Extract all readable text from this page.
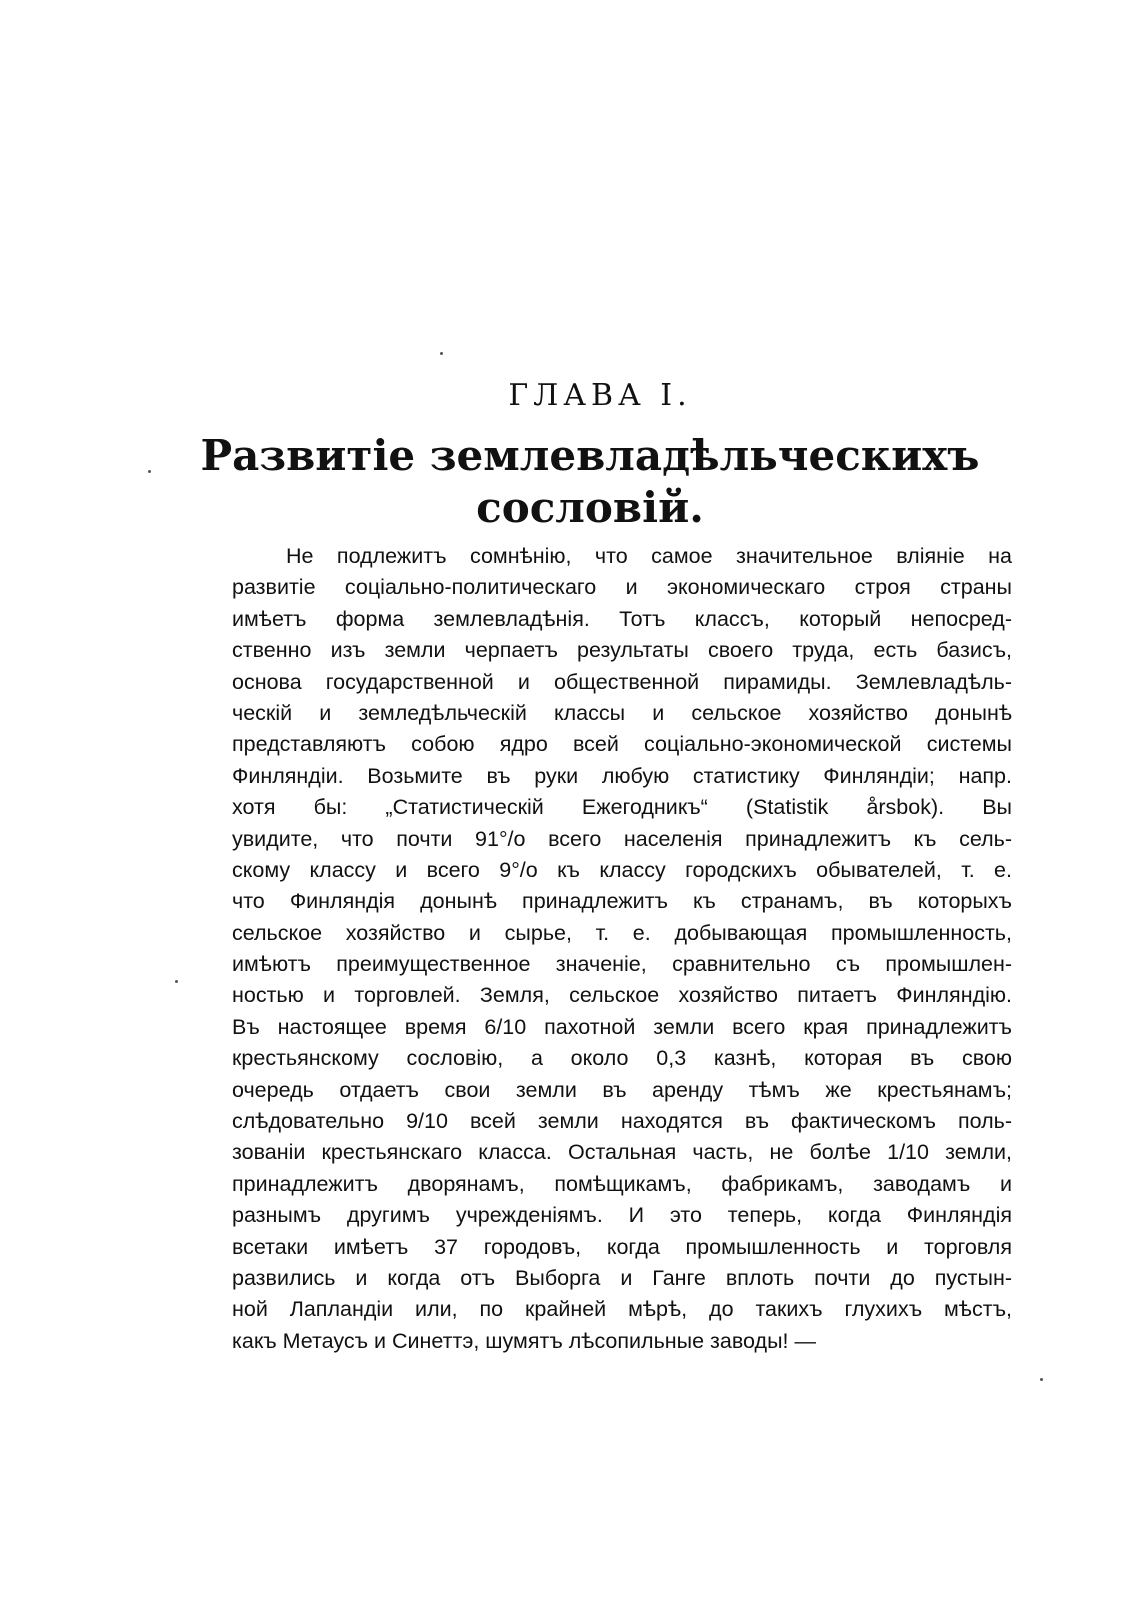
ГЛАВА I.
Развитіе землевладѣльческихъ
сословій.
Не подлежитъ сомнѣнію, что самое значительное вліяніе на
развитіе соціально-политическаго и экономическаго строя страны
имѣетъ форма землевладѣнія. Тотъ классъ, который непосред-
ственно изъ земли черпаетъ результаты своего труда, есть базисъ,
основа государственной и общественной пирамиды. Землевладѣль-
ческій и земледѣльческій классы и сельское хозяйство донынѣ
представляютъ собою ядро всей соціально-экономической системы
Финляндіи. Возьмите въ руки любую статистику Финляндіи; напр.
хотя бы: „Статистическій Ежегодникъ“ (Statistik årsbok). Вы
увидите, что почти 91°/o всего населенія принадлежитъ къ сель-
скому классу и всего 9°/o къ классу городскихъ обывателей, т. е.
что Финляндія донынѣ принадлежитъ къ странамъ, въ которыхъ
сельское хозяйство и сырье, т. е. добывающая промышленность,
имѣютъ преимущественное значеніе, сравнительно съ промышлен-
ностью и торговлей. Земля, сельское хозяйство питаетъ Финляндію.
Въ настоящее время 6/10 пахотной земли всего края принадлежитъ
крестьянскому сословію, а около 0,3 казнѣ, которая въ свою
очередь отдаетъ свои земли въ аренду тѣмъ же крестьянамъ;
слѣдовательно 9/10 всей земли находятся въ фактическомъ поль-
зованіи крестьянскаго класса. Остальная часть, не болѣе 1/10 земли,
принадлежитъ дворянамъ, помѣщикамъ, фабрикамъ, заводамъ и
разнымъ другимъ учрежденіямъ. И это теперь, когда Финляндія
всетаки имѣетъ 37 городовъ, когда промышленность и торговля
развились и когда отъ Выборга и Ганге вплоть почти до пустын-
ной Лапландіи или, по крайней мѣрѣ, до такихъ глухихъ мѣстъ,
какъ Метаусъ и Синеттэ, шумятъ лѣсопильные заводы! —
